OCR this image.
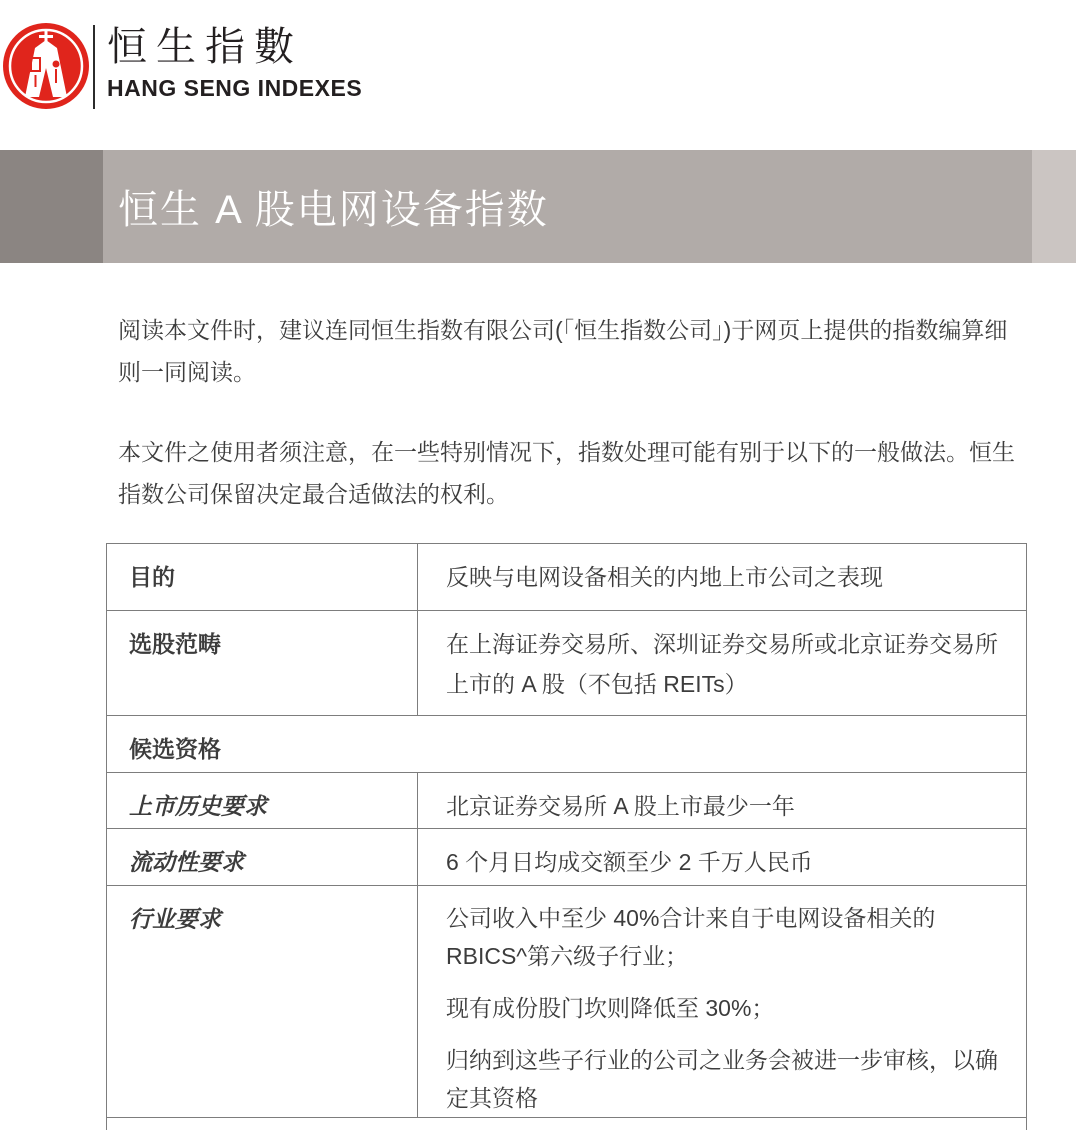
恒生指數
HANG SENG INDEXES
恒生 A 股电网设备指数

阅读本文件时，建议连同恒生指数有限公司(「恒生指数公司」)于网页上提供的指数编算细则一同阅读。

本文件之使用者须注意，在一些特别情况下，指数处理可能有别于以下的一般做法。恒生指数公司保留决定最合适做法的权利。

目的	反映与电网设备相关的内地上市公司之表现
选股范畴	在上海证券交易所、深圳证券交易所或北京证券交易所上市的 A 股（不包括 REITs）
候选资格
上市历史要求	北京证券交易所 A 股上市最少一年
流动性要求	6 个月日均成交额至少 2 千万人民币
行业要求	公司收入中至少 40%合计来自于电网设备相关的 RBICS^第六级子行业；

现有成份股门坎则降低至 30%；

归纳到这些子行业的公司之业务会被进一步审核，以确定其资格
